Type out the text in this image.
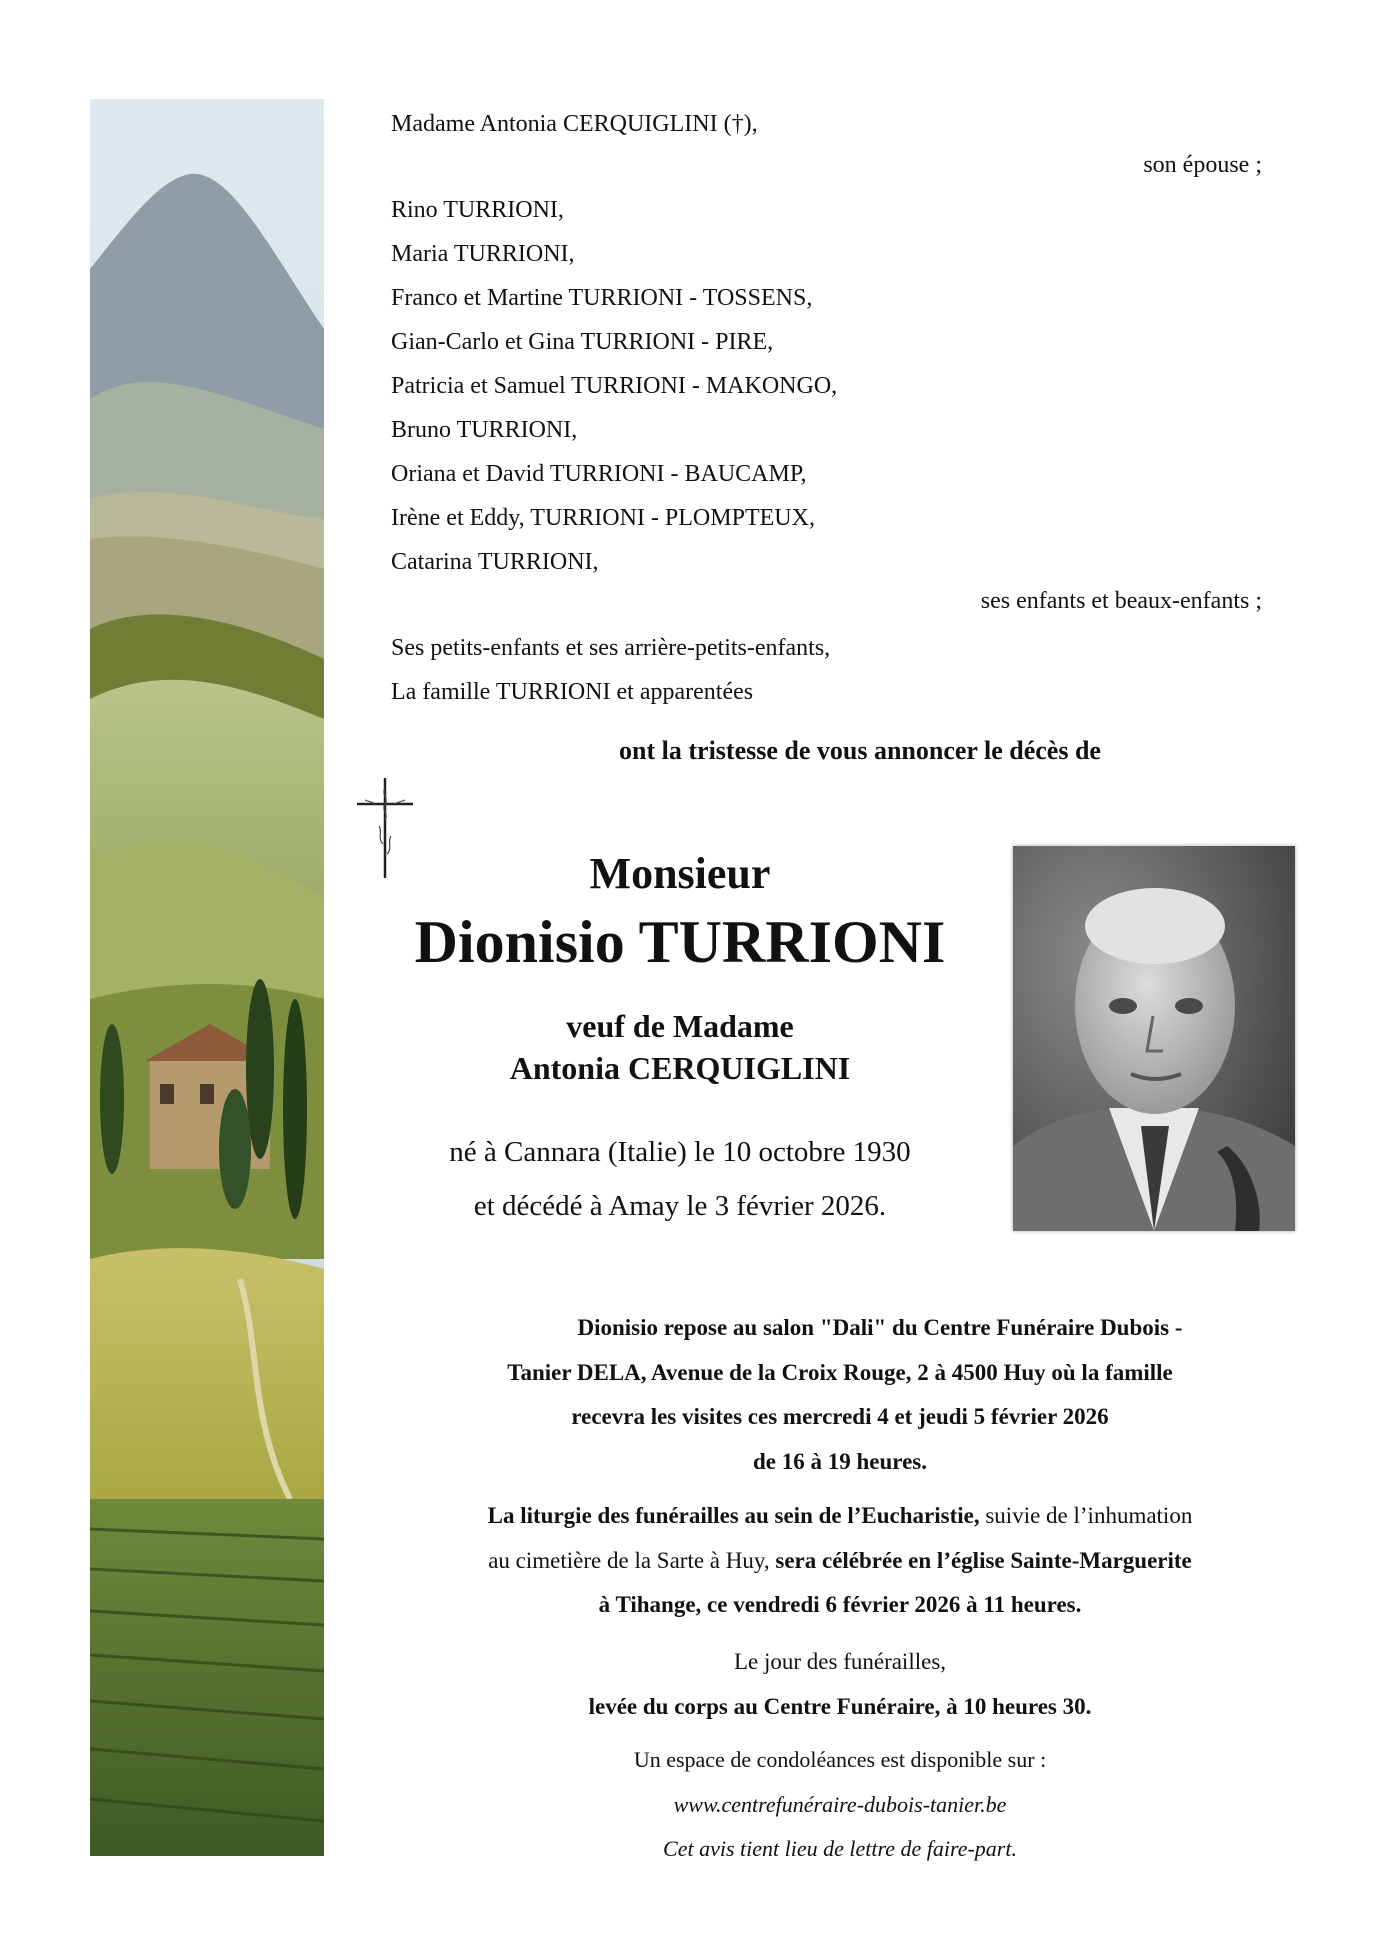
Madame Antonia CERQUIGLINI (†),
son épouse ;
Rino TURRIONI,
Maria TURRIONI,
Franco et Martine TURRIONI - TOSSENS,
Gian-Carlo et Gina TURRIONI - PIRE,
Patricia et Samuel TURRIONI - MAKONGO,
Bruno TURRIONI,
Oriana et David TURRIONI - BAUCAMP,
Irène et Eddy, TURRIONI - PLOMPTEUX,
Catarina TURRIONI,
ses enfants et beaux-enfants ;
Ses petits-enfants et ses arrière-petits-enfants,
La famille TURRIONI et apparentées
ont la tristesse de vous annoncer le décès de
Monsieur
Dionisio TURRIONI
veuf de Madame
Antonia CERQUIGLINI
né à Cannara (Italie) le 10 octobre 1930
et décédé à Amay le 3 février 2026.
Dionisio repose au salon "Dali" du Centre Funéraire Dubois -
Tanier DELA, Avenue de la Croix Rouge, 2 à 4500 Huy où la famille
recevra les visites ces mercredi 4 et jeudi 5 février 2026
de 16 à 19 heures.
La liturgie des funérailles au sein de l’Eucharistie, suivie de l’inhumation
au cimetière de la Sarte à Huy, sera célébrée en l’église Sainte-Marguerite
à Tihange, ce vendredi 6 février 2026 à 11 heures.
Le jour des funérailles,
levée du corps au Centre Funéraire, à 10 heures 30.
Un espace de condoléances est disponible sur :
www.centrefunéraire-dubois-tanier.be
Cet avis tient lieu de lettre de faire-part.
